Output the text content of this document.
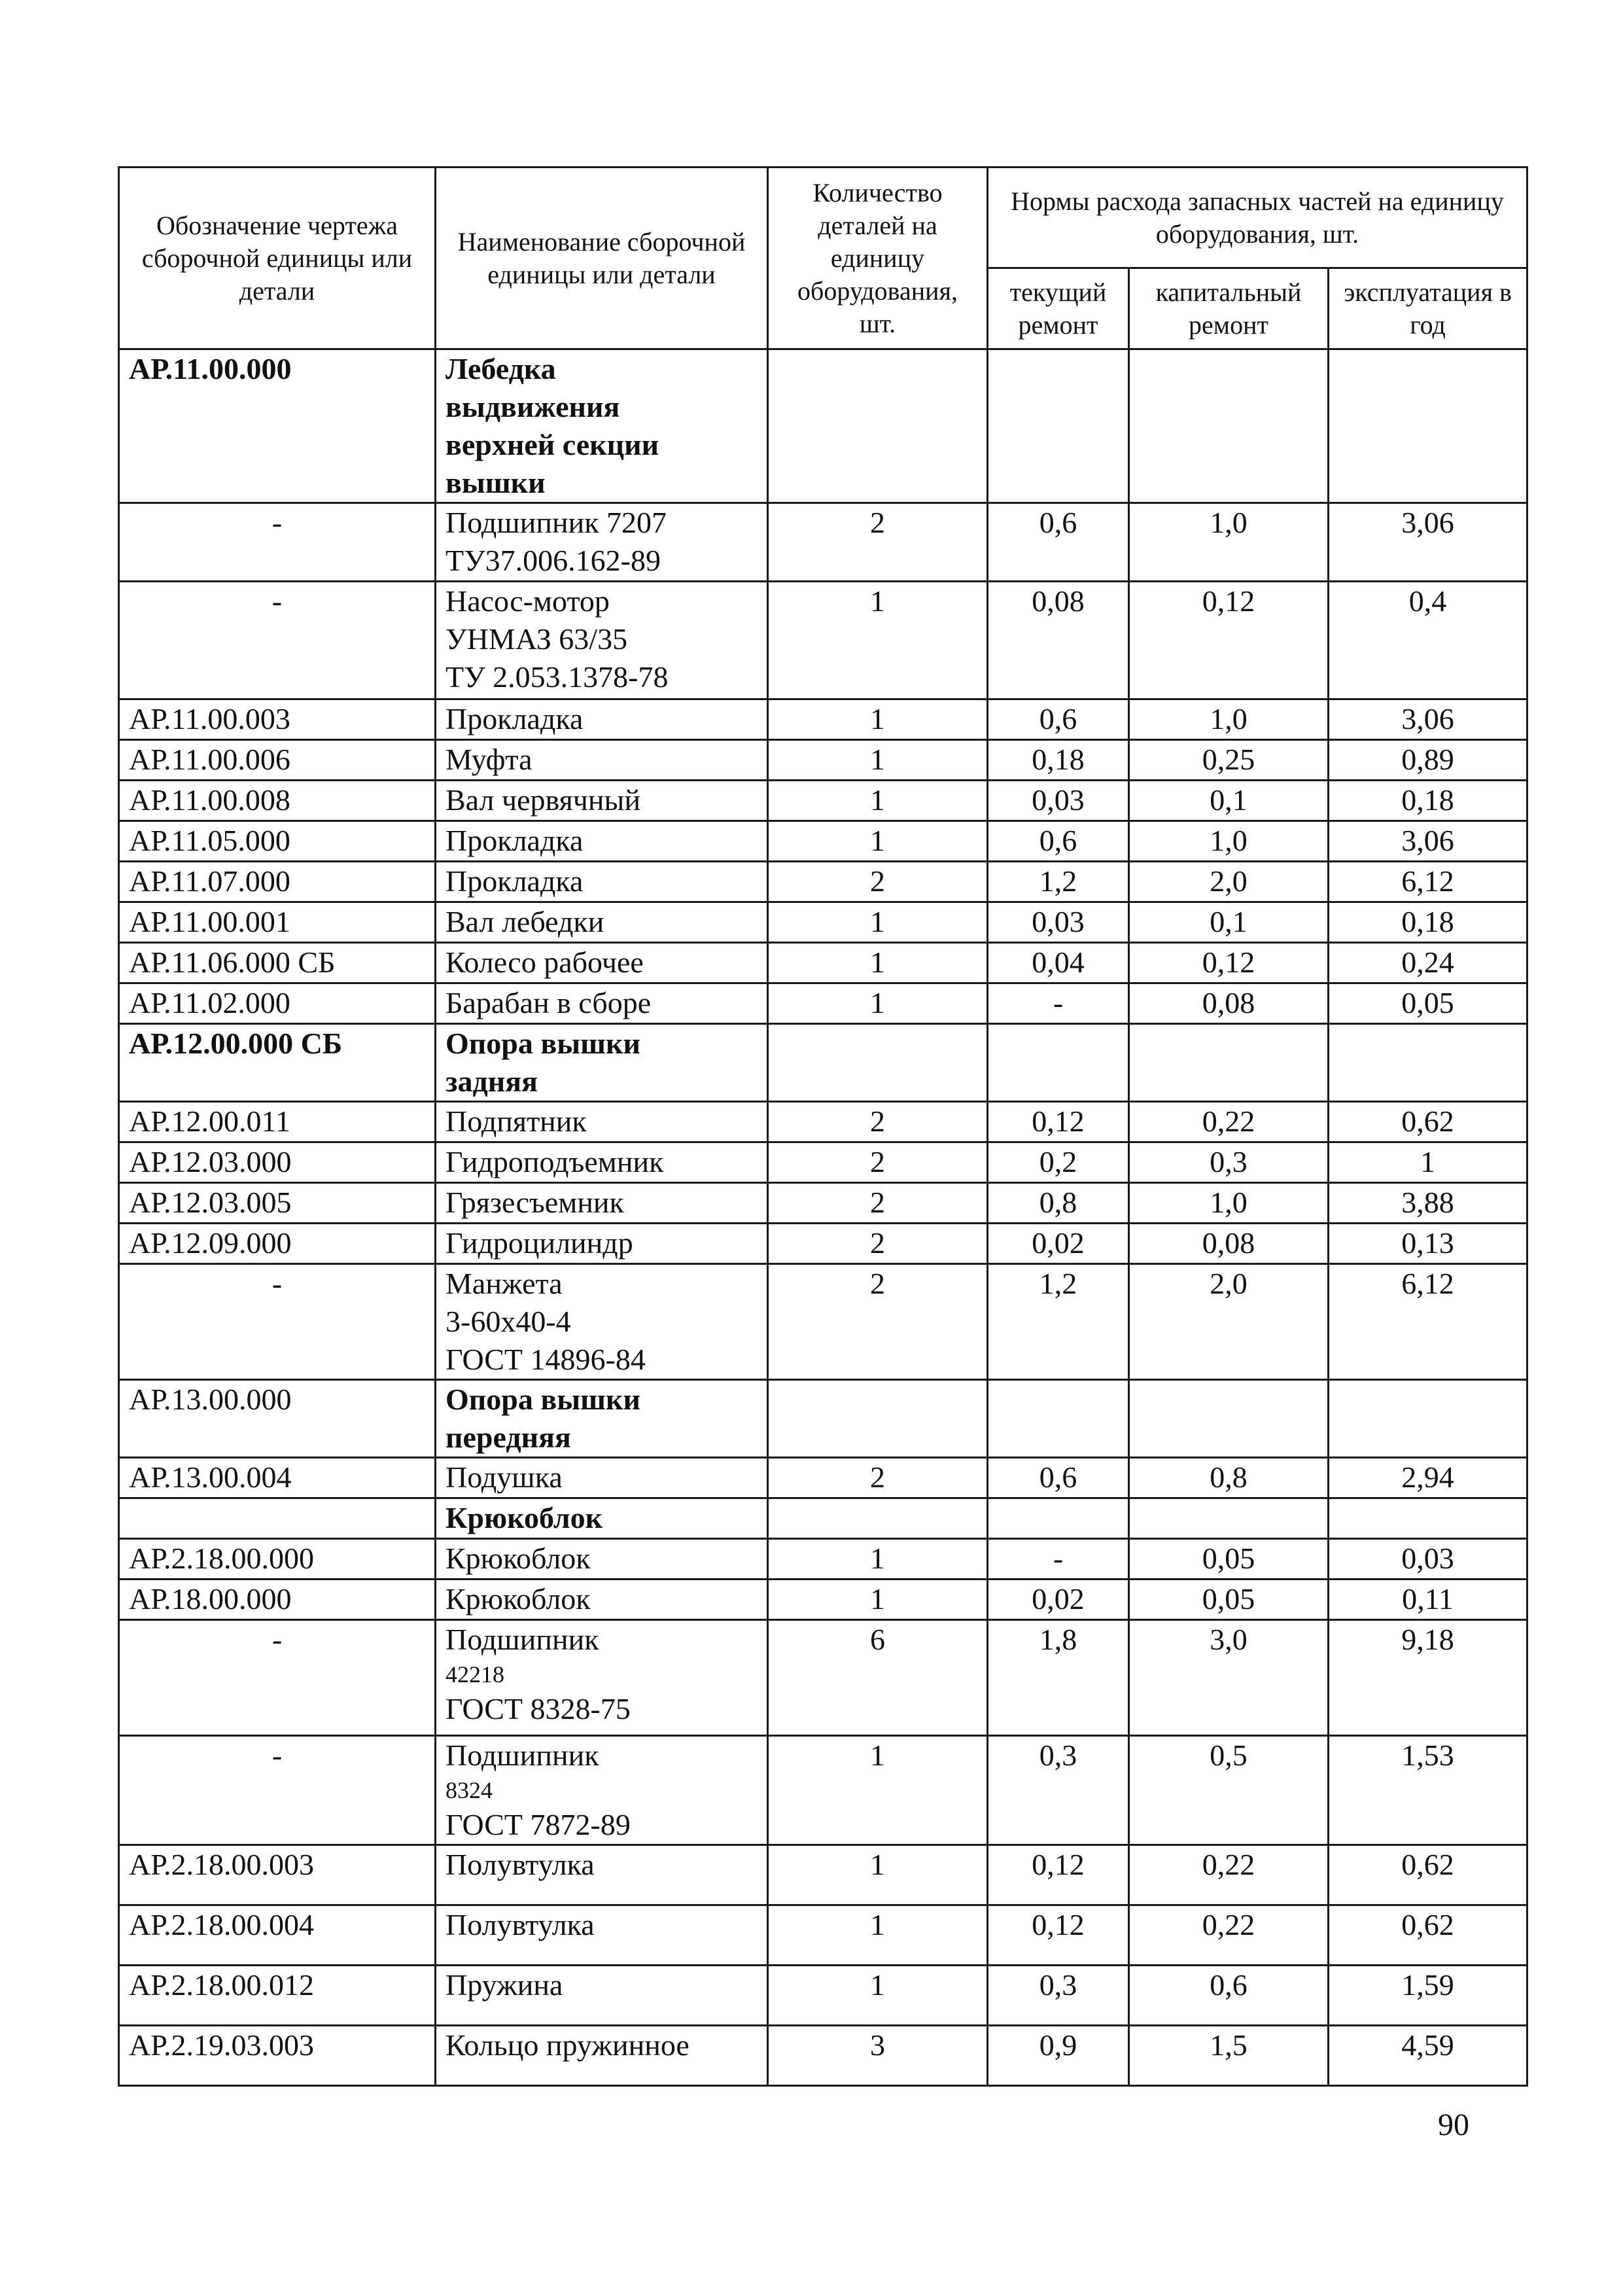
Обозначение чертежа сборочной единицы или детали	Наименование сборочной единицы или детали	Количество деталей на единицу оборудования, шт.	Нормы расхода запасных частей на единицу оборудования, шт.		
			текущий ремонт	капитальный ремонт	эксплуатация в год
АР.11.00.000	Лебедка
выдвижения
верхней секции
вышки				

-	Подшипник 7207
ТУ37.006.162-89	2	0,6	1,0	3,06
-	Насос-мотор
УНМАЗ 63/35
ТУ 2.053.1378-78	1	0,08	0,12	0,4
АР.11.00.003	Прокладка	1	0,6	1,0	3,06
АР.11.00.006	Муфта	1	0,18	0,25	0,89
АР.11.00.008	Вал червячный	1	0,03	0,1	0,18
АР.11.05.000	Прокладка	1	0,6	1,0	3,06
АР.11.07.000	Прокладка	2	1,2	2,0	6,12
АР.11.00.001	Вал лебедки	1	0,03	0,1	0,18
АР.11.06.000 СБ	Колесо рабочее	1	0,04	0,12	0,24
АР.11.02.000	Барабан в сборе	1	-	0,08	0,05
АР.12.00.000 СБ	Опора вышки
задняя				

АР.12.00.011	Подпятник	2	0,12	0,22	0,62
АР.12.03.000	Гидроподъемник	2	0,2	0,3	1
АР.12.03.005	Грязесъемник	2	0,8	1,0	3,88
АР.12.09.000	Гидроцилиндр	2	0,02	0,08	0,13
-	Манжета
3-60х40-4
ГОСТ 14896-84	2	1,2	2,0	6,12
АР.13.00.000	Опора вышки
передняя				

АР.13.00.004	Подушка	2	0,6	0,8	2,94

	Крюкоблок				

АР.2.18.00.000	Крюкоблок	1	-	0,05	0,03
АР.18.00.000	Крюкоблок	1	0,02	0,05	0,11
-	Подшипник
42218
ГОСТ 8328-75	6	1,8	3,0	9,18
-	Подшипник
8324
ГОСТ 7872-89	1	0,3	0,5	1,53
АР.2.18.00.003	Полувтулка	1	0,12	0,22	0,62
АР.2.18.00.004	Полувтулка	1	0,12	0,22	0,62
АР.2.18.00.012	Пружина	1	0,3	0,6	1,59
АР.2.19.03.003	Кольцо пружинное	3	0,9	1,5	4,59
90
